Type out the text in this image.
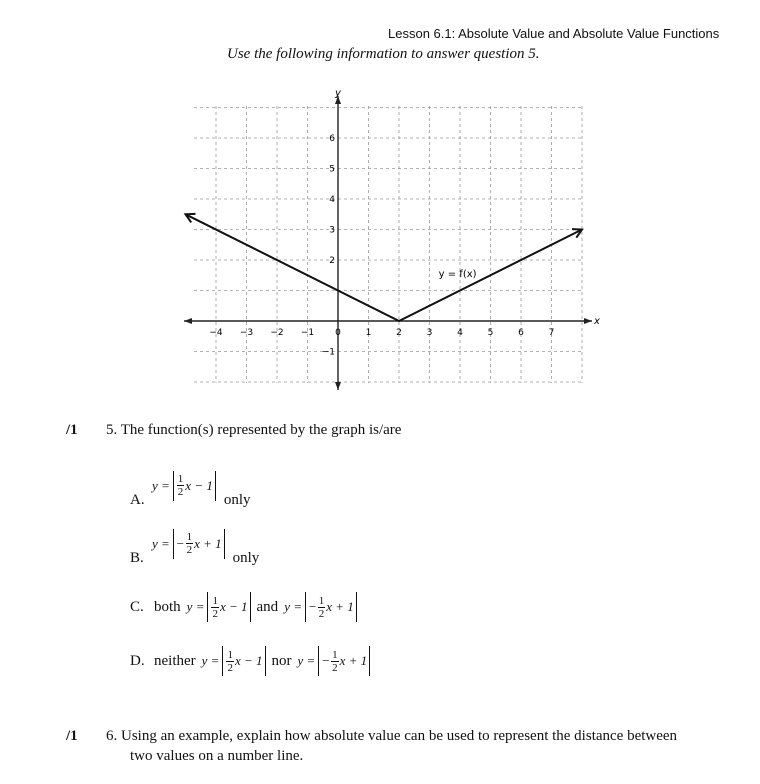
Lesson 6.1: Absolute Value and Absolute Value Functions
Use the following information to answer question 5.
x
y
−4 −3 −2 −1 0	1	2	3	4	5	6	7
6
5
4
3
2
−1
y = f(x)
/1 5. The function(s) represented by the graph is/are
A.
$y = \frac{1}{2}$ x − 1
only
B.
y = − $\frac{1}{2}$ x + 1
only
C. both $y = \frac{1}{2}$ x − 1 and y = − $\frac{1}{2}$ x + 1
D. neither $y = \frac{1}{2}$ x − 1 nor y = − $\frac{1}{2}$ x + 1
/1 6. Using an example, explain how absolute value can be used to represent the distance between
two values on a number line.
